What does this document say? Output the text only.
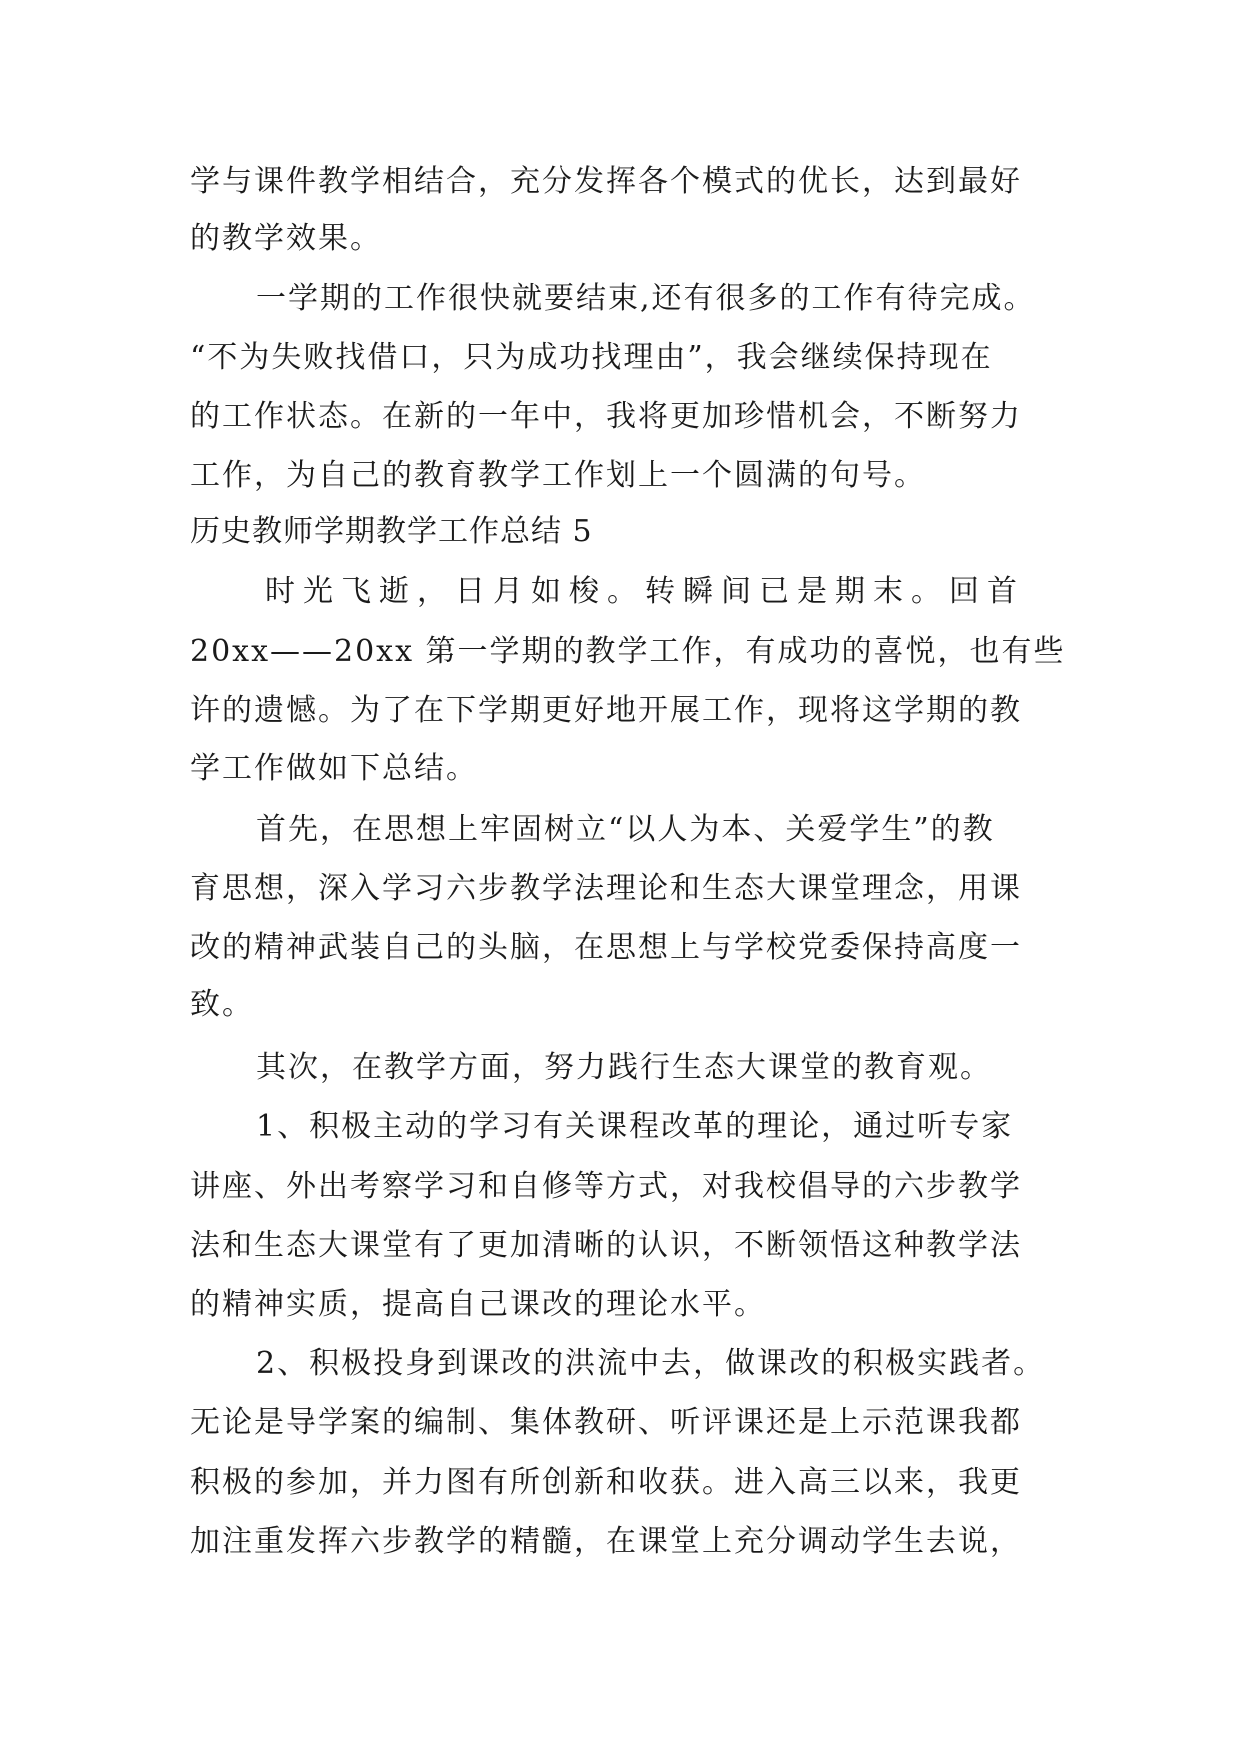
学与课件教学相结合，充分发挥各个模式的优长，达到最好
的教学效果。
一学期的工作很快就要结束,还有很多的工作有待完成。
“不为失败找借口，只为成功找理由”，我会继续保持现在
的工作状态。在新的一年中，我将更加珍惜机会，不断努力
工作，为自己的教育教学工作划上一个圆满的句号。
历史教师学期教学工作总结 5
时光飞逝，日月如梭。转瞬间已是期末。回首
20xx——20xx 第一学期的教学工作，有成功的喜悦，也有些
许的遗憾。为了在下学期更好地开展工作，现将这学期的教
学工作做如下总结。
首先，在思想上牢固树立“以人为本、关爱学生”的教
育思想，深入学习六步教学法理论和生态大课堂理念，用课
改的精神武装自己的头脑，在思想上与学校党委保持高度一
致。
其次，在教学方面，努力践行生态大课堂的教育观。
1、积极主动的学习有关课程改革的理论，通过听专家
讲座、外出考察学习和自修等方式，对我校倡导的六步教学
法和生态大课堂有了更加清晰的认识，不断领悟这种教学法
的精神实质，提高自己课改的理论水平。
2、积极投身到课改的洪流中去，做课改的积极实践者。
无论是导学案的编制、集体教研、听评课还是上示范课我都
积极的参加，并力图有所创新和收获。进入高三以来，我更
加注重发挥六步教学的精髓，在课堂上充分调动学生去说，
